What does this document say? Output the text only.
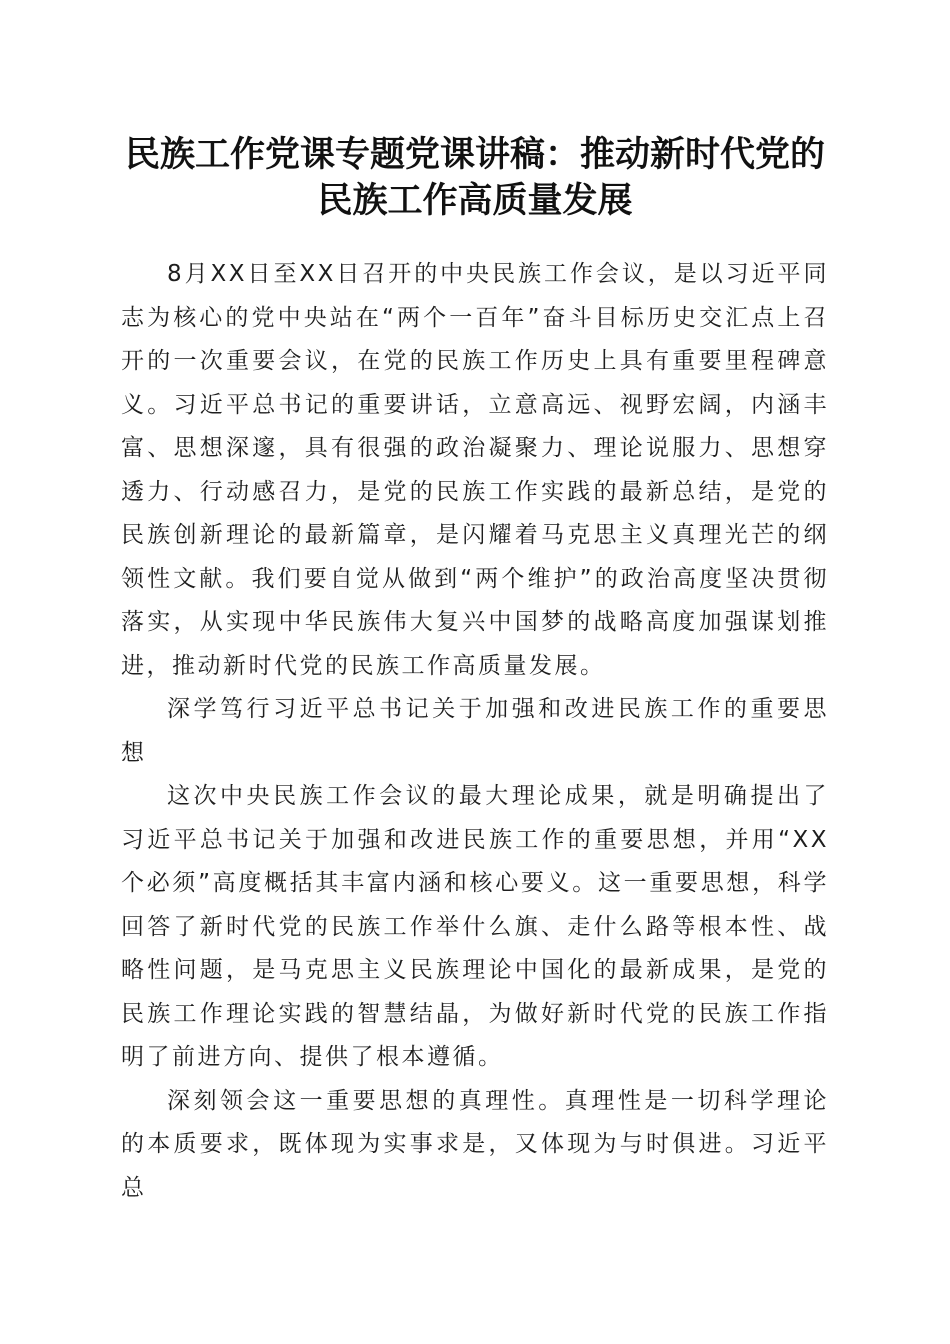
民族工作党课专题党课讲稿：推动新时代党的
民族工作高质量发展

8月XX日至XX日召开的中央民族工作会议，是以习近平同志为核心的党中央站在“两个一百年”奋斗目标历史交汇点上召开的一次重要会议，在党的民族工作历史上具有重要里程碑意义。习近平总书记的重要讲话，立意高远、视野宏阔，内涵丰富、思想深邃，具有很强的政治凝聚力、理论说服力、思想穿透力、行动感召力，是党的民族工作实践的最新总结，是党的民族创新理论的最新篇章，是闪耀着马克思主义真理光芒的纲领性文献。我们要自觉从做到“两个维护”的政治高度坚决贯彻落实，从实现中华民族伟大复兴中国梦的战略高度加强谋划推进，推动新时代党的民族工作高质量发展。

深学笃行习近平总书记关于加强和改进民族工作的重要思想

这次中央民族工作会议的最大理论成果，就是明确提出了习近平总书记关于加强和改进民族工作的重要思想，并用“XX个必须”高度概括其丰富内涵和核心要义。这一重要思想，科学回答了新时代党的民族工作举什么旗、走什么路等根本性、战略性问题，是马克思主义民族理论中国化的最新成果，是党的民族工作理论实践的智慧结晶，为做好新时代党的民族工作指明了前进方向、提供了根本遵循。

深刻领会这一重要思想的真理性。真理性是一切科学理论的本质要求，既体现为实事求是，又体现为与时俱进。习近平总
